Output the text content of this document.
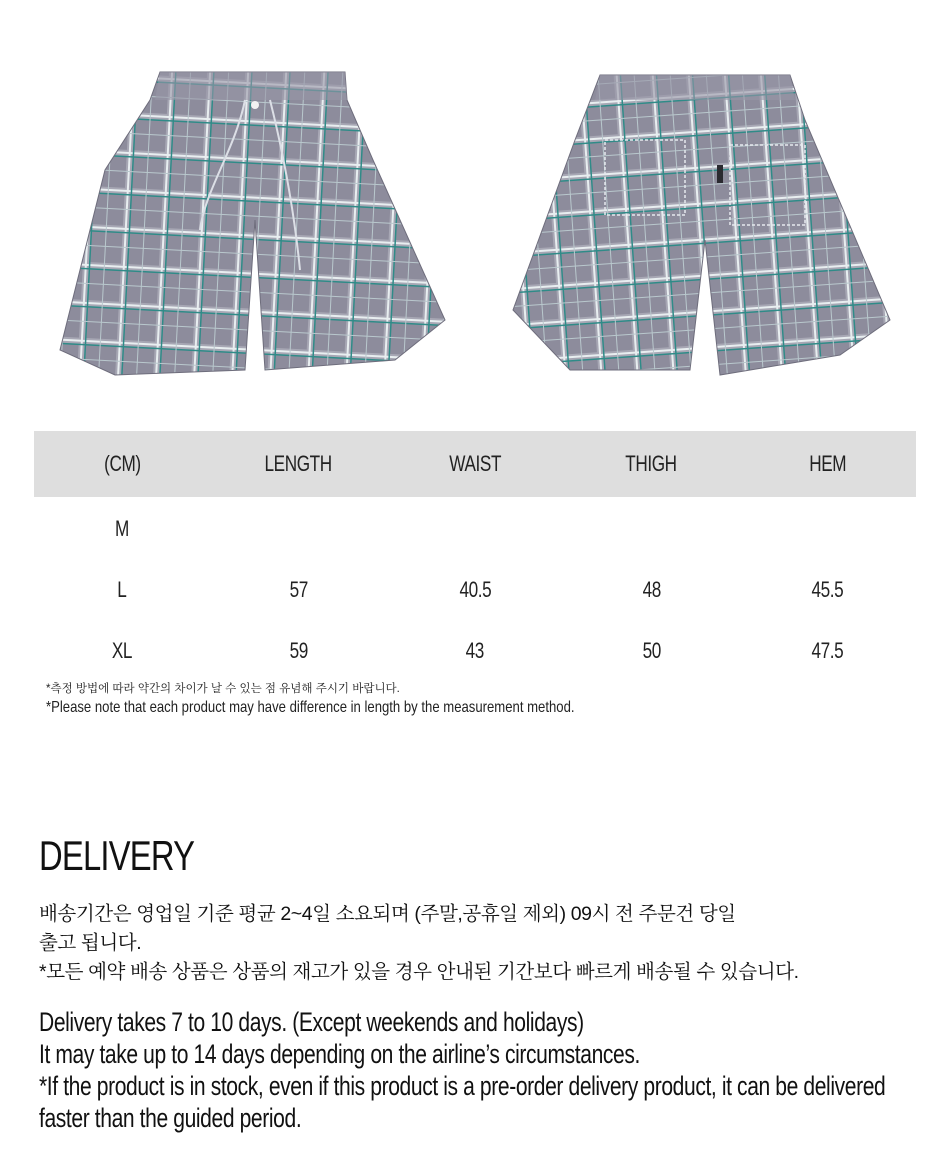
(CM)	LENGTH	WAIST	THIGH	HEM
M				
L	57	40.5	48	45.5
XL	59	43	50	47.5

*측정 방법에 따라 약간의 차이가 날 수 있는 점 유념해 주시기 바랍니다.

*Please note that each product may have difference in length by the measurement method.

DELIVERY

배송기간은 영업일 기준 평균 2~4일 소요되며 (주말,공휴일 제외) 09시 전 주문건 당일

출고 됩니다.

*모든 예약 배송 상품은 상품의 재고가 있을 경우 안내된 기간보다 빠르게 배송될 수 있습니다.

Delivery takes 7 to 10 days. (Except weekends and holidays)

It may take up to 14 days depending on the airline’s circumstances.

*If the product is in stock, even if this product is a pre-order delivery product, it can be delivered

faster than the guided period.
